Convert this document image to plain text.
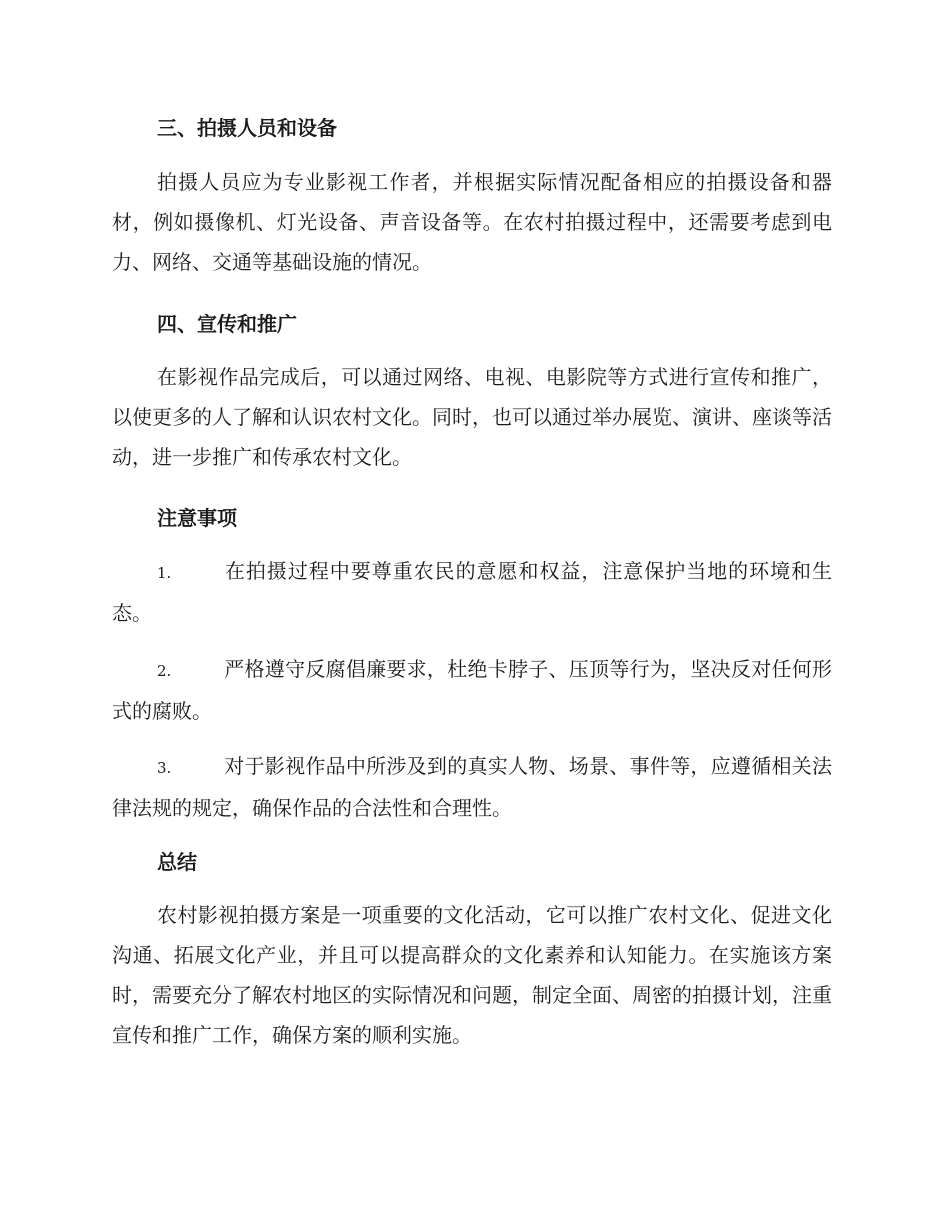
三、拍摄人员和设备

拍摄人员应为专业影视工作者，并根据实际情况配备相应的拍摄设备和器材，例如摄像机、灯光设备、声音设备等。在农村拍摄过程中，还需要考虑到电力、网络、交通等基础设施的情况。

四、宣传和推广

在影视作品完成后，可以通过网络、电视、电影院等方式进行宣传和推广，以使更多的人了解和认识农村文化。同时，也可以通过举办展览、演讲、座谈等活动，进一步推广和传承农村文化。

注意事项

1.	在拍摄过程中要尊重农民的意愿和权益，注意保护当地的环境和生态。

2.	严格遵守反腐倡廉要求，杜绝卡脖子、压顶等行为，坚决反对任何形式的腐败。

3.	对于影视作品中所涉及到的真实人物、场景、事件等，应遵循相关法律法规的规定，确保作品的合法性和合理性。

总结

农村影视拍摄方案是一项重要的文化活动，它可以推广农村文化、促进文化沟通、拓展文化产业，并且可以提高群众的文化素养和认知能力。在实施该方案时，需要充分了解农村地区的实际情况和问题，制定全面、周密的拍摄计划，注重宣传和推广工作，确保方案的顺利实施。
